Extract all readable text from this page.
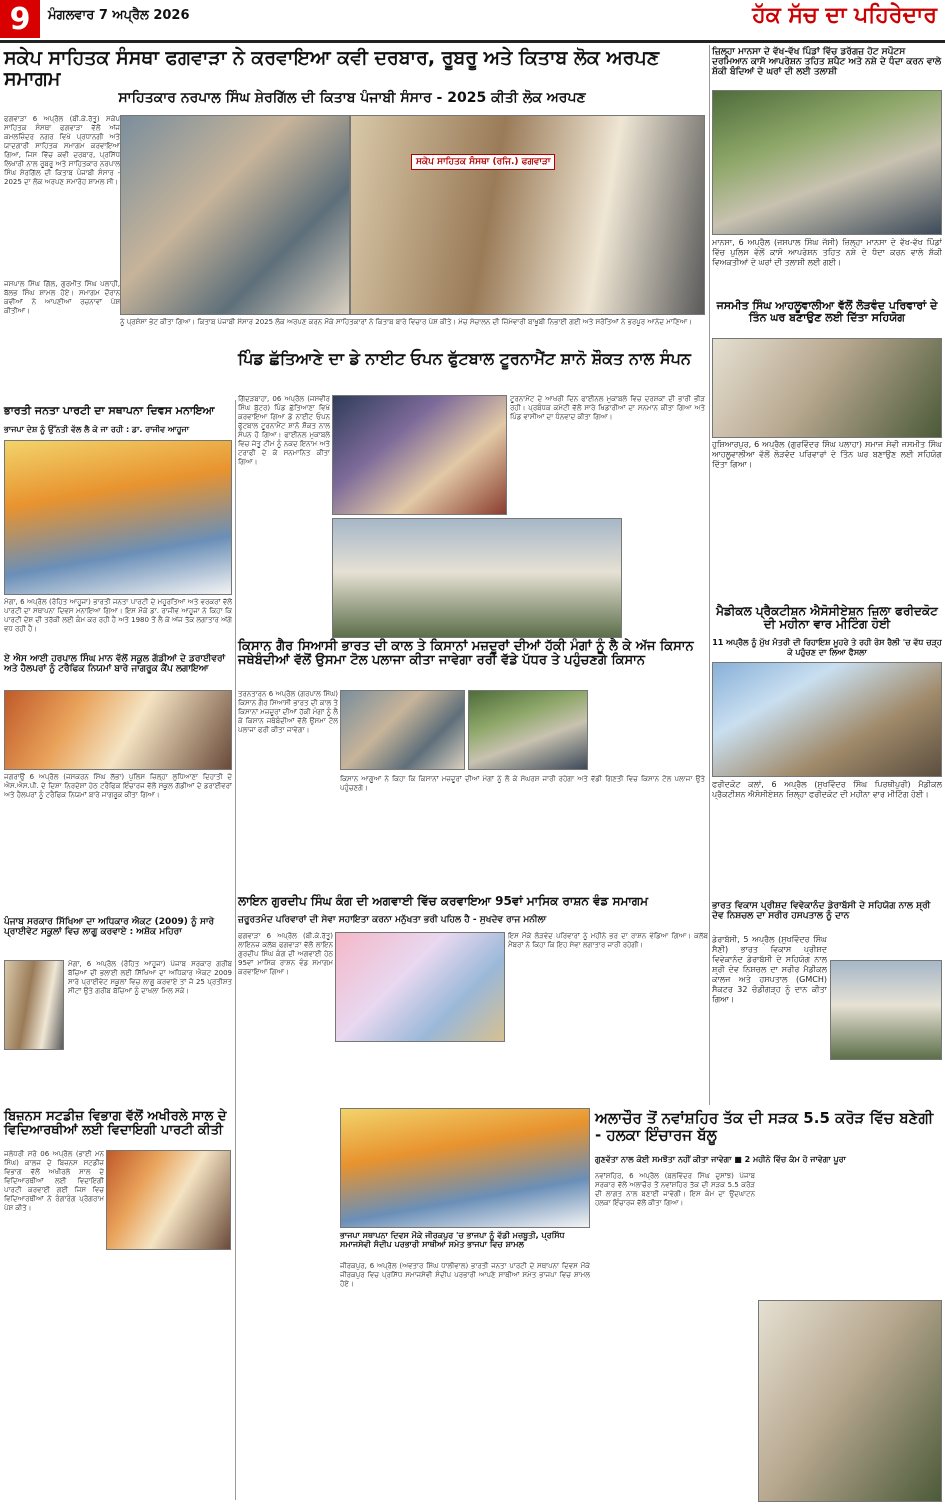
9	ਮੰਗਲਵਾਰ 7 ਅਪ੍ਰੈਲ 2026	ਹੱਕ ਸੱਚ ਦਾ ਪਹਿਰੇਦਾਰ
ਸਕੇਪ ਸਾਹਿਤਕ ਸੰਸਥਾ ਫਗਵਾੜਾ ਨੇ ਕਰਵਾਇਆ ਕਵੀ ਦਰਬਾਰ, ਰੂਬਰੂ ਅਤੇ ਕਿਤਾਬ ਲੋਕ ਅਰਪਣ ਸਮਾਗਮ
ਸਾਹਿਤਕਾਰ ਨਰਪਾਲ ਸਿੰਘ ਸ਼ੇਰਗਿੱਲ ਦੀ ਕਿਤਾਬ ਪੰਜਾਬੀ ਸੰਸਾਰ - 2025 ਕੀਤੀ ਲੋਕ ਅਰਪਣ
ਫਗਵਾੜਾ 6 ਅਪ੍ਰੈਲ (ਬੀ.ਕੇ.ਰੱਤੂ) ਸਕੇਪ ਸਾਹਿਤਕ ਸੰਸਥਾ ਫਗਵਾੜਾ ਵੱਲੋਂ ਅੱਜ ਕਮਲਜ਼ਿੰਦਰ ਨਗਰ ਵਿਖੇ ਪ੍ਰਧਾਨਗੀ ਅਤੇ ਯਾਦਗਾਰੀ ਸਾਹਿਤਕ ਸਮਾਗਮ ਕਰਵਾਇਆ ਗਿਆ, ਜਿਸ ਵਿੱਚ ਕਵੀ ਦਰਬਾਰ, ਪ੍ਰਸਿੱਧ ਲਿਖਾਰੀ ਨਾਲ ਰੂਬਰੂ ਅਤੇ ਸਾਹਿਤਕਾਰ ਨਰਪਾਲ ਸਿੰਘ ਸ਼ੇਰਗਿੱਲ ਦੀ ਕਿਤਾਬ ਪੰਜਾਬੀ ਸੰਸਾਰ - 2025 ਦਾ ਲੋਕ ਅਰਪਣ ਸਮਾਰੋਹ ਸ਼ਾਮਲ ਸੀ।
ਸਕੇਪ ਸਾਹਿਤਕ ਸੰਸਥਾ (ਰਜਿ.) ਫਗਵਾੜਾ
ਜਸਪਾਲ ਸਿੰਘ ਗਿੱਲ, ਗੁਰਮੀਤ ਸਿੰਘ ਪਲਾਹੀ, ਬੱਲਭ ਸਿੰਘ ਸ਼ਾਮਲ ਹੋਏ। ਸਮਾਗਮ ਦੌਰਾਨ ਕਵੀਆਂ ਨੇ ਆਪਣੀਆਂ ਰਚਨਾਵਾਂ ਪੇਸ਼ ਕੀਤੀਆਂ।
ਨੂੰ ਪ੍ਰਸ਼ੰਸਾ ਭੇਟ ਕੀਤਾ ਗਿਆ। ਕਿਤਾਬ ਪੰਜਾਬੀ ਸੰਸਾਰ 2025 ਲੋਕ ਅਰਪਣ ਕਰਨ ਮੌਕੇ ਸਾਹਿਤਕਾਰਾਂ ਨੇ ਕਿਤਾਬ ਬਾਰੇ ਵਿਚਾਰ ਪੇਸ਼ ਕੀਤੇ। ਮੰਚ ਸੰਚਾਲਨ ਦੀ ਜ਼ਿੰਮੇਵਾਰੀ ਬਾਖੂਬੀ ਨਿਭਾਈ ਗਈ ਅਤੇ ਸਰੋਤਿਆਂ ਨੇ ਭਰਪੂਰ ਆਨੰਦ ਮਾਣਿਆ।
ਜ਼ਿਲ੍ਹਾ ਮਾਨਸਾ ਦੇ ਵੱਖ-ਵੱਖ ਪਿੰਡਾਂ ਵਿੱਚ ਡਰੱਗਜ਼ ਹੋਟ ਸਪੌਟਸ ਦਰਮਿਆਨ ਕਾਸੋ ਆਪਰੇਸ਼ਨ ਤਹਿਤ ਸ਼ਪੈਟ ਅਤੇ ਨਸ਼ੇ ਦੇ ਧੰਦਾ ਕਰਨ ਵਾਲੇ ਸ਼ੱਕੀ ਬੰਦਿਆਂ ਦੇ ਘਰਾਂ ਦੀ ਲਈ ਤਲਾਸ਼ੀ
ਮਾਨਸਾ, 6 ਅਪ੍ਰੈਲ (ਜਸਪਾਲ ਸਿੰਘ ਜੱਸੀ) ਜ਼ਿਲ੍ਹਾ ਮਾਨਸਾ ਦੇ ਵੱਖ-ਵੱਖ ਪਿੰਡਾਂ ਵਿੱਚ ਪੁਲਿਸ ਵੱਲੋਂ ਕਾਸੋ ਆਪਰੇਸ਼ਨ ਤਹਿਤ ਨਸ਼ੇ ਦੇ ਧੰਦਾ ਕਰਨ ਵਾਲੇ ਸ਼ੱਕੀ ਵਿਅਕਤੀਆਂ ਦੇ ਘਰਾਂ ਦੀ ਤਲਾਸ਼ੀ ਲਈ ਗਈ।
ਜਸਮੀਤ ਸਿੰਘ ਆਹਲੂਵਾਲੀਆ ਵੱਲੋਂ ਲੋੜਵੰਦ ਪਰਿਵਾਰਾਂ ਦੇ ਤਿੰਨ ਘਰ ਬਣਾਉਣ ਲਈ ਦਿੱਤਾ ਸਹਿਯੋਗ
ਭਾਰਤੀ ਜਨਤਾ ਪਾਰਟੀ ਦਾ ਸਥਾਪਨਾ ਦਿਵਸ ਮਨਾਇਆ
ਭਾਜਪਾ ਦੇਸ਼ ਨੂੰ ਉੱਨਤੀ ਵੱਲ ਲੈ ਕੇ ਜਾ ਰਹੀ : ਡਾ. ਰਾਜੀਵ ਆਹੂਜਾ
ਮੋਗਾ, 6 ਅਪ੍ਰੈਲ (ਰੋਹਿਤ ਆਹੂਜਾ) ਭਾਰਤੀ ਜਨਤਾ ਪਾਰਟੀ ਦੇ ਮਹੂਰਤਿਆਂ ਅਤੇ ਵਰਕਰਾਂ ਵੱਲੋਂ ਪਾਰਟੀ ਦਾ ਸਥਾਪਨਾ ਦਿਵਸ ਮਨਾਇਆ ਗਿਆ। ਇਸ ਮੌਕੇ ਡਾ. ਰਾਜੀਵ ਆਹੂਜਾ ਨੇ ਕਿਹਾ ਕਿ ਪਾਰਟੀ ਦੇਸ਼ ਦੀ ਤਰੱਕੀ ਲਈ ਕੰਮ ਕਰ ਰਹੀ ਹੈ ਅਤੇ 1980 ਤੋਂ ਲੈ ਕੇ ਅੱਜ ਤੱਕ ਲਗਾਤਾਰ ਅੱਗੇ ਵਧ ਰਹੀ ਹੈ।
ਪਿੰਡ ਛੱਤਿਆਣੇ ਦਾ ਡੇ ਨਾਈਟ ਓਪਨ ਫੁੱਟਬਾਲ ਟੂਰਨਾਮੈਂਟ ਸ਼ਾਨੋ ਸ਼ੌਕਤ ਨਾਲ ਸੰਪਨ
ਗਿੱਦੜਬਾਹਾ, 06 ਅਪ੍ਰੈਲ (ਜਸਵੀਰ ਸਿੰਘ ਬੁੱਟਰ) ਪਿੰਡ ਛੱਤਿਆਣਾ ਵਿਖੇ ਕਰਵਾਇਆ ਗਿਆ ਡੇ ਨਾਈਟ ਓਪਨ ਫੁੱਟਬਾਲ ਟੂਰਨਾਮੈਂਟ ਸ਼ਾਨੋ ਸ਼ੌਕਤ ਨਾਲ ਸੰਪਨ ਹੋ ਗਿਆ। ਫਾਈਨਲ ਮੁਕਾਬਲੇ ਵਿਚ ਜੇਤੂ ਟੀਮ ਨੂੰ ਨਕਦ ਇਨਾਮ ਅਤੇ ਟਰਾਫੀ ਦੇ ਕੇ ਸਨਮਾਨਿਤ ਕੀਤਾ ਗਿਆ।
ਟੂਰਨਾਮੈਂਟ ਦੇ ਆਖਰੀ ਦਿਨ ਫਾਈਨਲ ਮੁਕਾਬਲੇ ਵਿਚ ਦਰਸ਼ਕਾਂ ਦੀ ਭਾਰੀ ਭੀੜ ਰਹੀ। ਪ੍ਰਬੰਧਕ ਕਮੇਟੀ ਵੱਲੋਂ ਸਾਰੇ ਖਿਡਾਰੀਆਂ ਦਾ ਸਨਮਾਨ ਕੀਤਾ ਗਿਆ ਅਤੇ ਪਿੰਡ ਵਾਸੀਆਂ ਦਾ ਧੰਨਵਾਦ ਕੀਤਾ ਗਿਆ।
ਹੁਸ਼ਿਆਰਪੁਰ, 6 ਅਪ੍ਰੈਲ (ਗੁਰਵਿੰਦਰ ਸਿੰਘ ਪਲਾਹਾ) ਸਮਾਜ ਸੇਵੀ ਜਸਮੀਤ ਸਿੰਘ ਆਹਲੂਵਾਲੀਆ ਵੱਲੋਂ ਲੋੜਵੰਦ ਪਰਿਵਾਰਾਂ ਦੇ ਤਿੰਨ ਘਰ ਬਣਾਉਣ ਲਈ ਸਹਿਯੋਗ ਦਿੱਤਾ ਗਿਆ।
ਮੈਡੀਕਲ ਪ੍ਰੈਕਟੀਸ਼ਨ ਐਸੋਸੀਏਸ਼ਨ ਜ਼ਿਲਾ ਫਰੀਦਕੋਟ ਦੀ ਮਹੀਨਾ ਵਾਰ ਮੀਟਿੰਗ ਹੋਈ
11 ਅਪ੍ਰੈਲ ਨੂੰ ਮੁੱਖ ਮੰਤਰੀ ਦੀ ਰਿਹਾਇਸ਼ ਮੂਹਰੇ ਤੇ ਰਹੀ ਰੋਸ ਰੈਲੀ 'ਚ ਵੱਧ ਚੜ੍ਹ ਕੇ ਪਹੁੰਚਣ ਦਾ ਲਿਆ ਫੈਸਲਾ
ਫਰੀਦਕੋਟ ਕਲਾਂ, 6 ਅਪ੍ਰੈਲ (ਸੁਖਵਿੰਦਰ ਸਿੰਘ ਪਿਰਥੀਪੁਰੀ) ਮੈਡੀਕਲ ਪ੍ਰੈਕਟੀਸ਼ਨ ਐਸੋਸੀਏਸ਼ਨ ਜ਼ਿਲ੍ਹਾ ਫਰੀਦਕੋਟ ਦੀ ਮਹੀਨਾ ਵਾਰ ਮੀਟਿੰਗ ਹੋਈ।
ਏ ਐਸ ਆਈ ਹਰਪਾਲ ਸਿੰਘ ਮਾਨ ਵੱਲੋਂ ਸਕੂਲ ਗੱਡੀਆਂ ਦੇ ਡਰਾਈਵਰਾਂ ਅਤੇ ਹੈਲਪਰਾਂ ਨੂੰ ਟਰੈਫਿਕ ਨਿਯਮਾਂ ਬਾਰੇ ਜਾਗਰੂਕ ਕੈਂਪ ਲਗਾਇਆ
ਜਗਰਾਉਂ 6 ਅਪ੍ਰੈਲ (ਜਸਕਰਨ ਸਿੰਘ ਲੱਭਾ) ਪੁਲਿਸ ਜ਼ਿਲ੍ਹਾ ਲੁਧਿਆਣਾ ਦਿਹਾਤੀ ਦੇ ਐਸ.ਐਸ.ਪੀ. ਦੇ ਦਿਸ਼ਾ ਨਿਰਦੇਸ਼ਾਂ ਹੇਠ ਟਰੈਫਿਕ ਇੰਚਾਰਜ ਵੱਲੋਂ ਸਕੂਲ ਗੱਡੀਆਂ ਦੇ ਡਰਾਈਵਰਾਂ ਅਤੇ ਹੈਲਪਰਾਂ ਨੂੰ ਟਰੈਫਿਕ ਨਿਯਮਾਂ ਬਾਰੇ ਜਾਗਰੂਕ ਕੀਤਾ ਗਿਆ।
ਕਿਸਾਨ ਗੈਰ ਸਿਆਸੀ ਭਾਰਤ ਦੀ ਕਾਲ ਤੇ ਕਿਸਾਨਾਂ ਮਜ਼ਦੂਰਾਂ ਦੀਆਂ ਹੱਕੀ ਮੰਗਾਂ ਨੂੰ ਲੈ ਕੇ ਅੱਜ ਕਿਸਾਨ ਜਥੇਬੰਦੀਆਂ ਵੱਲੋਂ ਉਸਮਾ ਟੋਲ ਪਲਾਜਾ ਕੀਤਾ ਜਾਵੇਗਾ ਰਰੀ ਵੱਡੇ ਪੱਧਰ ਤੇ ਪਹੁੰਚਣਗੇ ਕਿਸਾਨ
ਤਰਨਤਾਰਨ 6 ਅਪ੍ਰੈਲ (ਗਰਪਾਲ ਸਿੰਘ) ਕਿਸਾਨ ਗੈਰ ਸਿਆਸੀ ਭਾਰਤ ਦੀ ਕਾਲ ਤੇ ਕਿਸਾਨਾਂ ਮਜ਼ਦੂਰਾਂ ਦੀਆਂ ਹੱਕੀ ਮੰਗਾਂ ਨੂੰ ਲੈ ਕੇ ਕਿਸਾਨ ਜਥੇਬੰਦੀਆਂ ਵੱਲੋਂ ਉਸਮਾ ਟੋਲ ਪਲਾਜਾ ਫਰੀ ਕੀਤਾ ਜਾਵੇਗਾ।
ਕਿਸਾਨ ਆਗੂਆਂ ਨੇ ਕਿਹਾ ਕਿ ਕਿਸਾਨਾਂ ਮਜ਼ਦੂਰਾਂ ਦੀਆਂ ਮੰਗਾਂ ਨੂੰ ਲੈ ਕੇ ਸੰਘਰਸ਼ ਜਾਰੀ ਰਹੇਗਾ ਅਤੇ ਵੱਡੀ ਗਿਣਤੀ ਵਿਚ ਕਿਸਾਨ ਟੋਲ ਪਲਾਜਾ ਉਤੇ ਪਹੁੰਚਣਗੇ।
ਲਾਇਨ ਗੁਰਦੀਪ ਸਿੰਘ ਕੰਗ ਦੀ ਅਗਵਾਈ ਵਿੱਚ ਕਰਵਾਇਆ 95ਵਾਂ ਮਾਸਿਕ ਰਾਸ਼ਨ ਵੰਡ ਸਮਾਗਮ
ਜ਼ਰੂਰਤਮੰਦ ਪਰਿਵਾਰਾਂ ਦੀ ਸੇਵਾ ਸਹਾਇਤਾ ਕਰਨਾ ਮਨੁੱਖਤਾ ਭਰੀ ਪਹਿਲ ਹੈ - ਸੁਖਦੇਵ ਰਾਜ ਮਨੀਲਾ
ਫਗਵਾੜਾ 6 ਅਪ੍ਰੈਲ (ਬੀ.ਕੇ.ਰੱਤੂ) ਲਾਇਨਜ਼ ਕਲੱਬ ਫਗਵਾੜਾ ਵੱਲੋਂ ਲਾਇਨ ਗੁਰਦੀਪ ਸਿੰਘ ਕੰਗ ਦੀ ਅਗਵਾਈ ਹੇਠ 95ਵਾਂ ਮਾਸਿਕ ਰਾਸ਼ਨ ਵੰਡ ਸਮਾਗਮ ਕਰਵਾਇਆ ਗਿਆ।
ਇਸ ਮੌਕੇ ਲੋੜਵੰਦ ਪਰਿਵਾਰਾਂ ਨੂੰ ਮਹੀਨੇ ਭਰ ਦਾ ਰਾਸ਼ਨ ਵੰਡਿਆ ਗਿਆ। ਕਲੱਬ ਮੈਂਬਰਾਂ ਨੇ ਕਿਹਾ ਕਿ ਇਹ ਸੇਵਾ ਲਗਾਤਾਰ ਜਾਰੀ ਰਹੇਗੀ।
ਪੰਜਾਬ ਸਰਕਾਰ ਸਿੱਖਿਆ ਦਾ ਅਧਿਕਾਰ ਐਕਟ (2009) ਨੂੰ ਸਾਰੇ ਪ੍ਰਾਈਵੇਟ ਸਕੂਲਾਂ ਵਿਚ ਲਾਗੂ ਕਰਵਾਏ : ਅਸ਼ੋਕ ਮਹਿਰਾ
ਮੋਗਾ, 6 ਅਪ੍ਰੈਲ (ਰੋਹਿਤ ਆਹੂਜਾ) ਪੰਜਾਬ ਸਰਕਾਰ ਗਰੀਬ ਬੱਚਿਆਂ ਦੀ ਭਲਾਈ ਲਈ ਸਿੱਖਿਆ ਦਾ ਅਧਿਕਾਰ ਐਕਟ 2009 ਸਾਰੇ ਪ੍ਰਾਈਵੇਟ ਸਕੂਲਾਂ ਵਿਚ ਲਾਗੂ ਕਰਵਾਏ ਤਾਂ ਜੋ 25 ਪ੍ਰਤੀਸ਼ਤ ਸੀਟਾਂ ਉਤੇ ਗਰੀਬ ਬੱਚਿਆਂ ਨੂੰ ਦਾਖਲਾ ਮਿਲ ਸਕੇ।
ਭਾਰਤ ਵਿਕਾਸ ਪ੍ਰੀਸ਼ਦ ਵਿਵੇਕਾਨੰਦ ਡੇਰਾਬੱਸੀ ਦੇ ਸਹਿਯੋਗ ਨਾਲ ਸ਼੍ਰੀ ਦੇਵ ਨਿਸ਼ਚਲ ਦਾ ਸਰੀਰ ਹਸਪਤਾਲ ਨੂੰ ਦਾਨ
ਡੇਰਾਬੱਸੀ, 5 ਅਪ੍ਰੈਲ (ਸੁਖਵਿੰਦਰ ਸਿੰਘ ਸੈਣੀ) ਭਾਰਤ ਵਿਕਾਸ ਪ੍ਰੀਸ਼ਦ ਵਿਵੇਕਾਨੰਦ ਡੇਰਾਬੱਸੀ ਦੇ ਸਹਿਯੋਗ ਨਾਲ ਸ਼੍ਰੀ ਦੇਵ ਨਿਸ਼ਚਲ ਦਾ ਸਰੀਰ ਮੈਡੀਕਲ ਕਾਲਜ ਅਤੇ ਹਸਪਤਾਲ (GMCH) ਸੈਕਟਰ 32 ਚੰਡੀਗੜ੍ਹ ਨੂੰ ਦਾਨ ਕੀਤਾ ਗਿਆ।
ਬਿਜ਼ਨਸ ਸਟਡੀਜ਼ ਵਿਭਾਗ ਵੱਲੋਂ ਅਖੀਰਲੇ ਸਾਲ ਦੇ ਵਿਦਿਆਰਥੀਆਂ ਲਈ ਵਿਦਾਇਗੀ ਪਾਰਟੀ ਕੀਤੀ
ਜਲੰਧਰੀ ਸਰੋ 06 ਅਪ੍ਰੈਲ (ਭਾਈ ਮਨ ਸਿੰਘ) ਕਾਲਜ ਦੇ ਬਿਜ਼ਨਸ ਸਟਡੀਜ਼ ਵਿਭਾਗ ਵੱਲੋਂ ਅਖੀਰਲੇ ਸਾਲ ਦੇ ਵਿਦਿਆਰਥੀਆਂ ਲਈ ਵਿਦਾਇਗੀ ਪਾਰਟੀ ਕਰਵਾਈ ਗਈ ਜਿਸ ਵਿਚ ਵਿਦਿਆਰਥੀਆਂ ਨੇ ਰੰਗਾਰੰਗ ਪ੍ਰੋਗਰਾਮ ਪੇਸ਼ ਕੀਤੇ।
ਭਾਜਪਾ ਸਥਾਪਨਾ ਦਿਵਸ ਮੌਕੇ ਜੀਰਕਪੁਰ 'ਚ ਭਾਜਪਾ ਨੂੰ ਵੱਡੀ ਮਜ਼ਬੂਤੀ, ਪ੍ਰਸਿੱਧ ਸਮਾਜਸੇਵੀ ਸੰਦੀਪ ਪਰਭਾਰੀ ਸਾਥੀਆਂ ਸਮੇਤ ਭਾਜਪਾ ਵਿਚ ਸ਼ਾਮਲ
ਜੀਰਕਪੁਰ, 6 ਅਪ੍ਰੈਲ (ਅਵਤਾਰ ਸਿੰਘ ਧਾਲੀਵਾਲ) ਭਾਰਤੀ ਜਨਤਾ ਪਾਰਟੀ ਦੇ ਸਥਾਪਨਾ ਦਿਵਸ ਮੌਕੇ ਜੀਰਕਪੁਰ ਵਿਚ ਪ੍ਰਸਿੱਧ ਸਮਾਜਸੇਵੀ ਸੰਦੀਪ ਪਰਭਾਰੀ ਆਪਣੇ ਸਾਥੀਆਂ ਸਮੇਤ ਭਾਜਪਾ ਵਿਚ ਸ਼ਾਮਲ ਹੋਏ।
ਅਲਾਚੌਰ ਤੋਂ ਨਵਾਂਸ਼ਹਿਰ ਤੱਕ ਦੀ ਸੜਕ 5.5 ਕਰੋੜ ਵਿੱਚ ਬਣੇਗੀ - ਹਲਕਾ ਇੰਚਾਰਜ ਬੱਲੂ
ਗੁਣਵੱਤਾ ਨਾਲ ਕੋਈ ਸਮਝੌਤਾ ਨਹੀਂ ਕੀਤਾ ਜਾਵੇਗਾ ■ 2 ਮਹੀਨੇ ਵਿੱਚ ਕੰਮ ਹੋ ਜਾਵੇਗਾ ਪੂਰਾ
ਨਵਾਂਸ਼ਹਿਰ, 6 ਅਪ੍ਰੈਲ (ਬਲਵਿੰਦਰ ਸਿੰਘ ਦੁਸਾਂਝ) ਪੰਜਾਬ ਸਰਕਾਰ ਵੱਲੋਂ ਅਲਾਚੌਰ ਤੋਂ ਨਵਾਂਸ਼ਹਿਰ ਤੱਕ ਦੀ ਸੜਕ 5.5 ਕਰੋੜ ਦੀ ਲਾਗਤ ਨਾਲ ਬਣਾਈ ਜਾਵੇਗੀ। ਇਸ ਕੰਮ ਦਾ ਉਦਘਾਟਨ ਹਲਕਾ ਇੰਚਾਰਜ ਵੱਲੋਂ ਕੀਤਾ ਗਿਆ।
